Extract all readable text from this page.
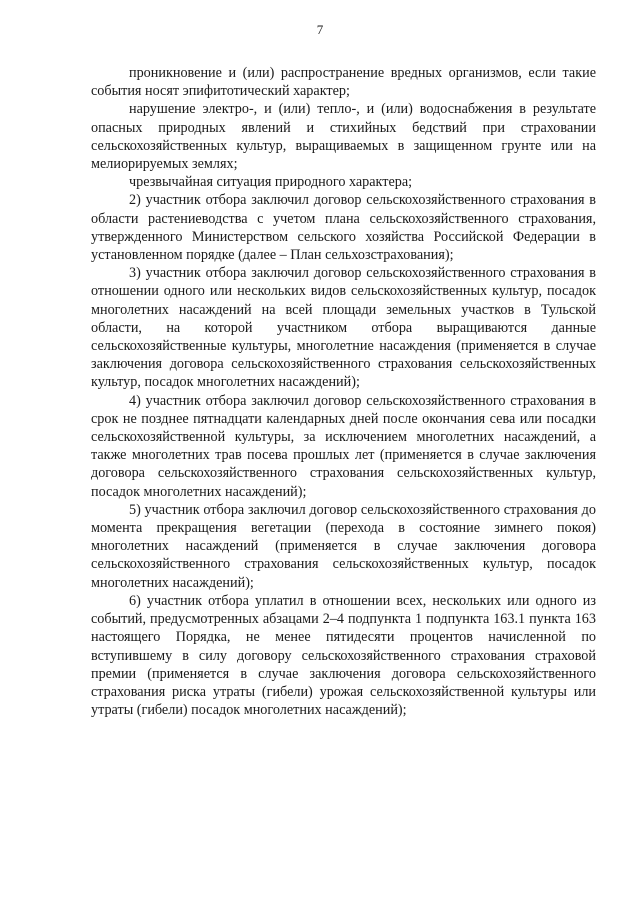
7

проникновение и (или) распространение вредных организмов, если такие события носят эпифитотический характер;

нарушение электро-, и (или) тепло-, и (или) водоснабжения в результате опасных природных явлений и стихийных бедствий при страховании сельскохозяйственных культур, выращиваемых в защищенном грунте или на мелиорируемых землях;

чрезвычайная ситуация природного характера;

2) участник отбора заключил договор сельскохозяйственного страхования в области растениеводства с учетом плана сельскохозяйственного страхования, утвержденного Министерством сельского хозяйства Российской Федерации в установленном порядке (далее – План сельхозстрахования);

3) участник отбора заключил договор сельскохозяйственного страхования в отношении одного или нескольких видов сельскохозяйственных культур, посадок многолетних насаждений на всей площади земельных участков в Тульской области, на которой участником отбора выращиваются данные сельскохозяйственные культуры, многолетние насаждения (применяется в случае заключения договора сельскохозяйственного страхования сельскохозяйственных культур, посадок многолетних насаждений);

4) участник отбора заключил договор сельскохозяйственного страхования в срок не позднее пятнадцати календарных дней после окончания сева или посадки сельскохозяйственной культуры, за исключением многолетних насаждений, а также многолетних трав посева прошлых лет (применяется в случае заключения договора сельскохозяйственного страхования сельскохозяйственных культур, посадок многолетних насаждений);

5) участник отбора заключил договор сельскохозяйственного страхования до момента прекращения вегетации (перехода в состояние зимнего покоя) многолетних насаждений (применяется в случае заключения договора сельскохозяйственного страхования сельскохозяйственных культур, посадок многолетних насаждений);

6) участник отбора уплатил в отношении всех, нескольких или одного из событий, предусмотренных абзацами 2–4 подпункта 1 подпункта 163.1 пункта 163 настоящего Порядка, не менее пятидесяти процентов начисленной по вступившему в силу договору сельскохозяйственного страхования страховой премии (применяется в случае заключения договора сельскохозяйственного страхования риска утраты (гибели) урожая сельскохозяйственной культуры или утраты (гибели) посадок многолетних насаждений);
